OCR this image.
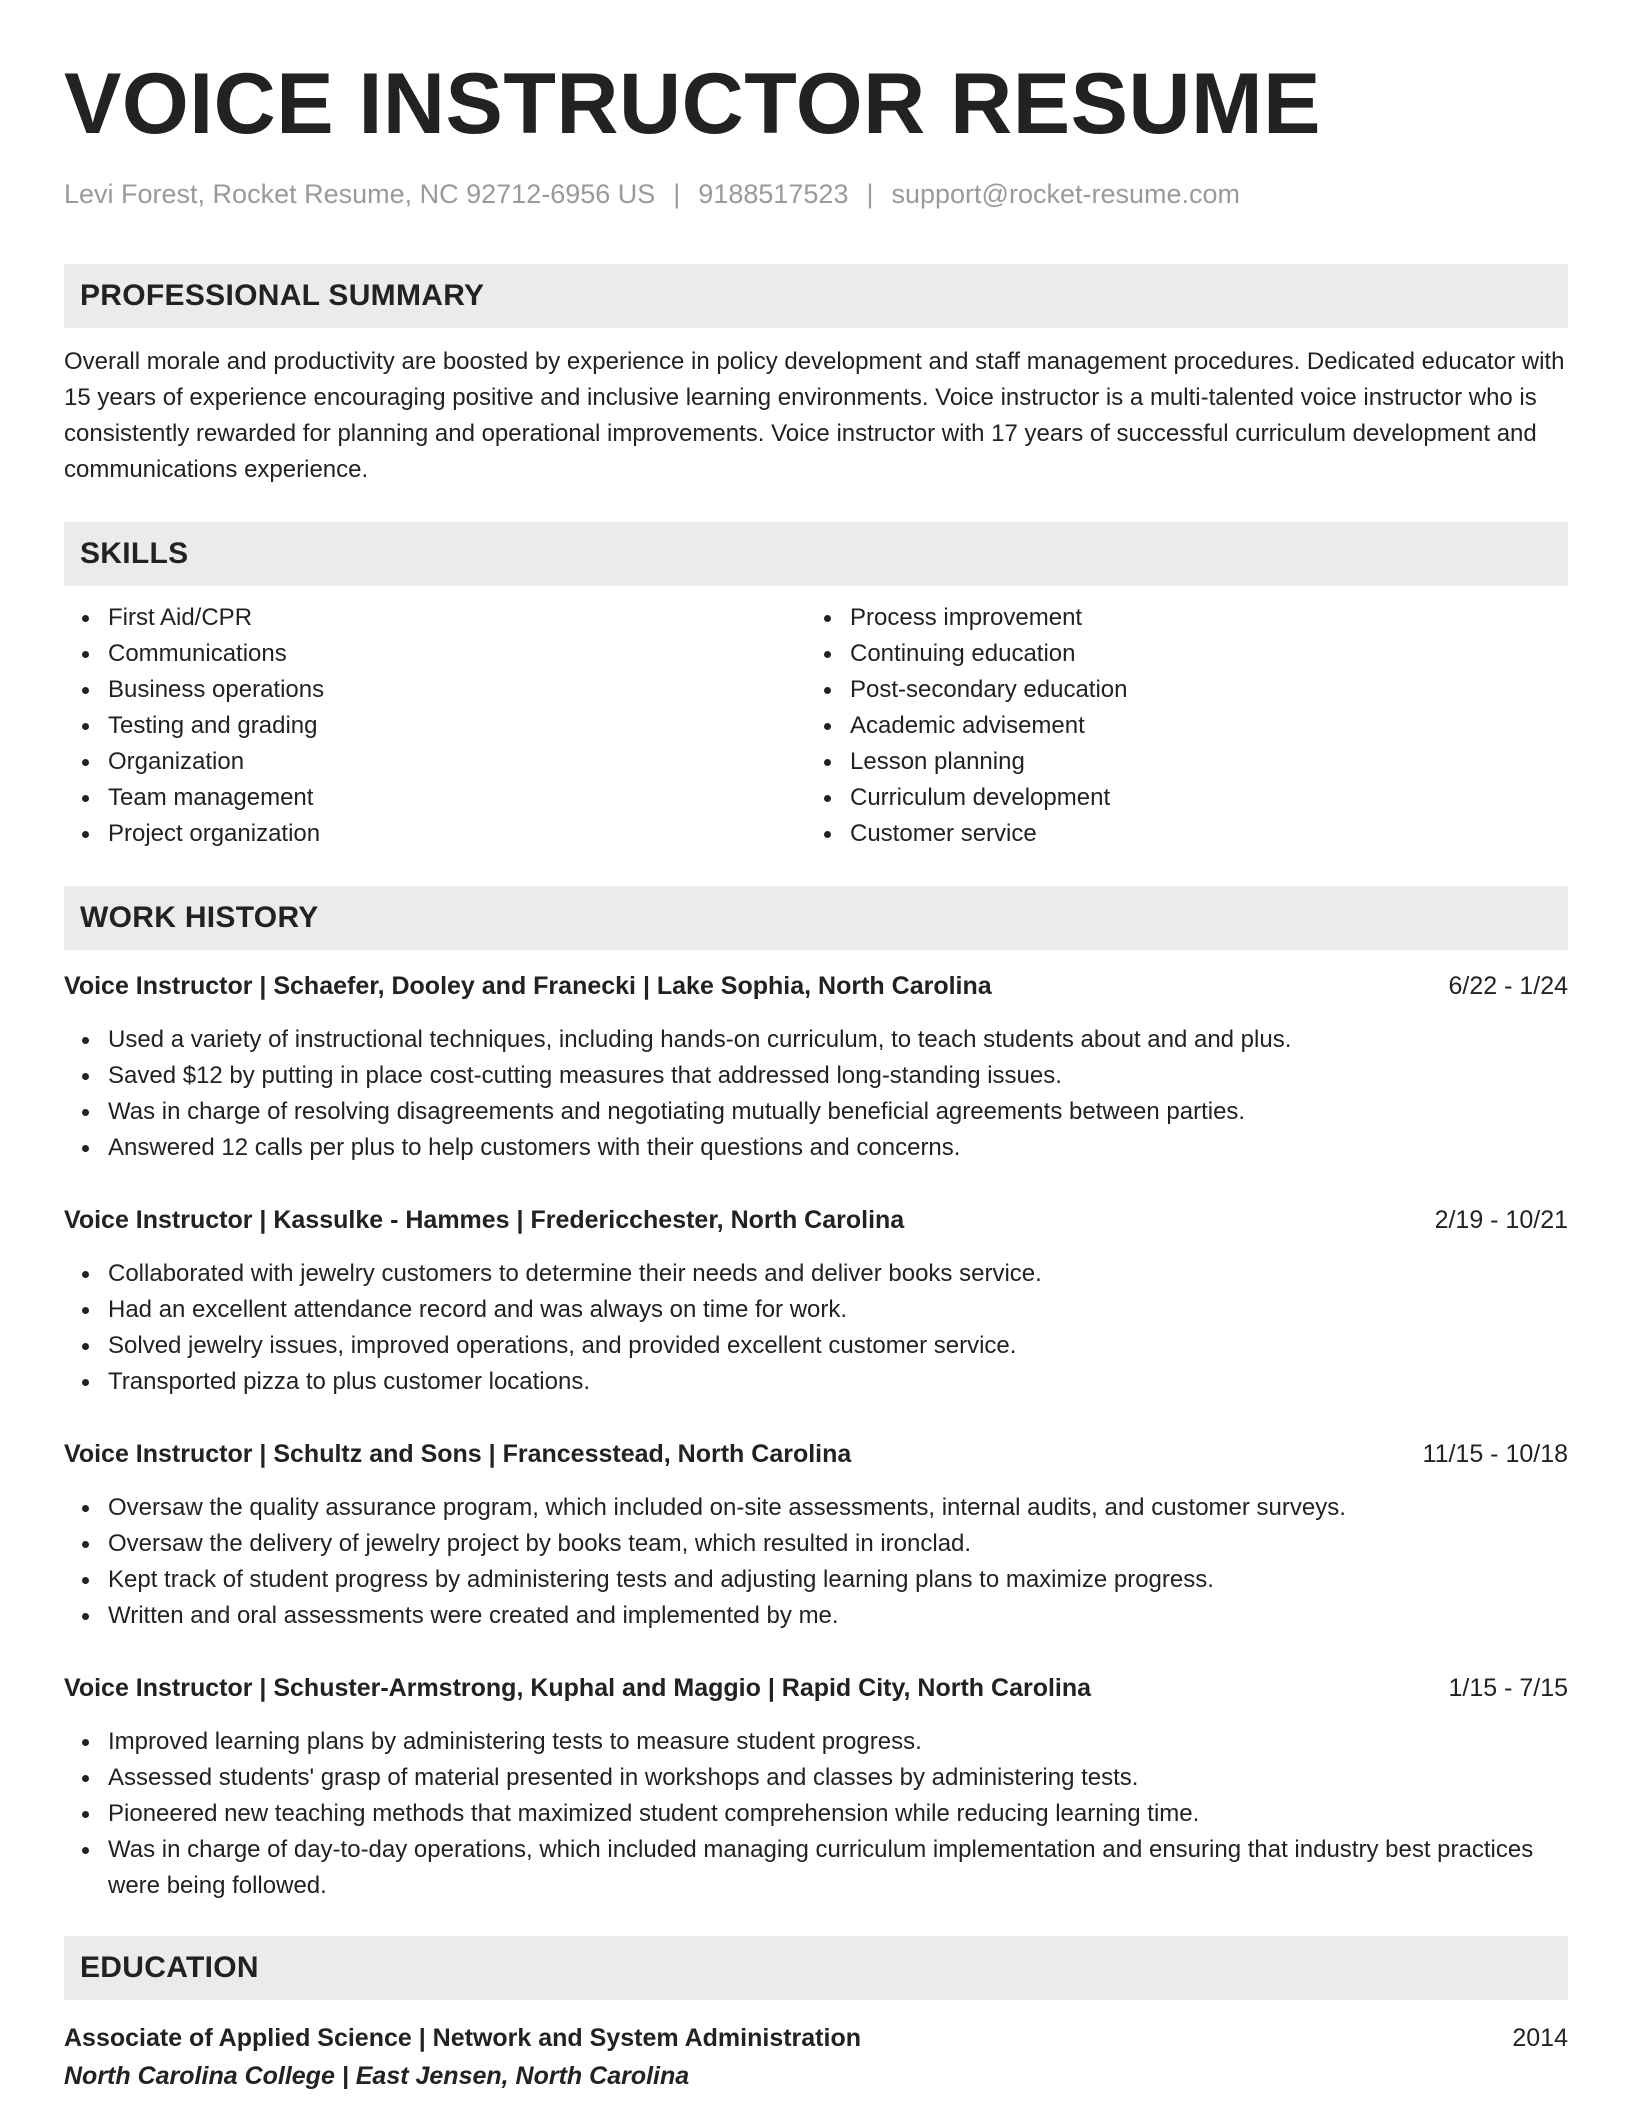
VOICE INSTRUCTOR RESUME
Levi Forest, Rocket Resume, NC 92712-6956 US | 9188517523 | support@rocket-resume.com
PROFESSIONAL SUMMARY
Overall morale and productivity are boosted by experience in policy development and staff management procedures. Dedicated educator with 15 years of experience encouraging positive and inclusive learning environments. Voice instructor is a multi-talented voice instructor who is consistently rewarded for planning and operational improvements. Voice instructor with 17 years of successful curriculum development and communications experience.
SKILLS
First Aid/CPR
Communications
Business operations
Testing and grading
Organization
Team management
Project organization
Process improvement
Continuing education
Post-secondary education
Academic advisement
Lesson planning
Curriculum development
Customer service
WORK HISTORY
Voice Instructor | Schaefer, Dooley and Franecki | Lake Sophia, North Carolina	6/22 - 1/24
Used a variety of instructional techniques, including hands-on curriculum, to teach students about and and plus.
Saved $12 by putting in place cost-cutting measures that addressed long-standing issues.
Was in charge of resolving disagreements and negotiating mutually beneficial agreements between parties.
Answered 12 calls per plus to help customers with their questions and concerns.
Voice Instructor | Kassulke - Hammes | Fredericchester, North Carolina	2/19 - 10/21
Collaborated with jewelry customers to determine their needs and deliver books service.
Had an excellent attendance record and was always on time for work.
Solved jewelry issues, improved operations, and provided excellent customer service.
Transported pizza to plus customer locations.
Voice Instructor | Schultz and Sons | Francesstead, North Carolina	11/15 - 10/18
Oversaw the quality assurance program, which included on-site assessments, internal audits, and customer surveys.
Oversaw the delivery of jewelry project by books team, which resulted in ironclad.
Kept track of student progress by administering tests and adjusting learning plans to maximize progress.
Written and oral assessments were created and implemented by me.
Voice Instructor | Schuster-Armstrong, Kuphal and Maggio | Rapid City, North Carolina	1/15 - 7/15
Improved learning plans by administering tests to measure student progress.
Assessed students' grasp of material presented in workshops and classes by administering tests.
Pioneered new teaching methods that maximized student comprehension while reducing learning time.
Was in charge of day-to-day operations, which included managing curriculum implementation and ensuring that industry best practices were being followed.
EDUCATION
Associate of Applied Science | Network and System Administration	2014
North Carolina College | East Jensen, North Carolina
